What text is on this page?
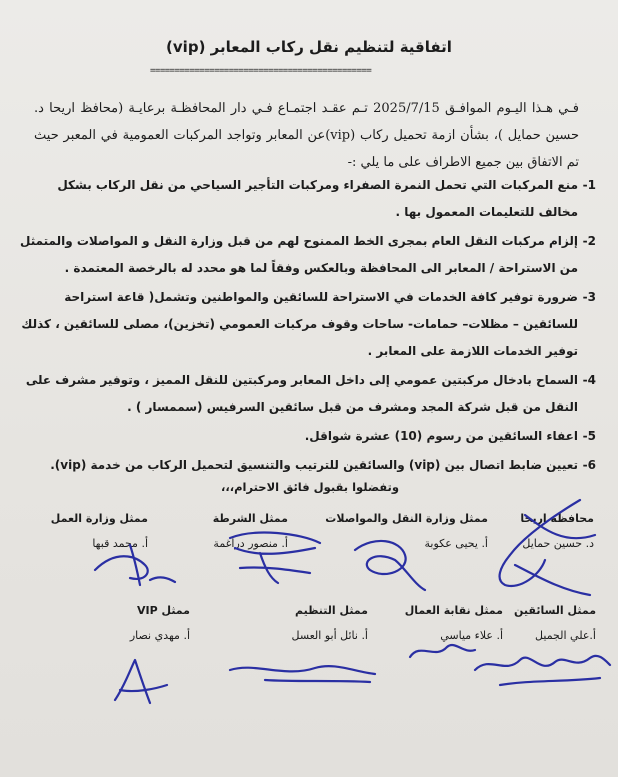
اتفاقية لتنظيم نقل ركاب المعابر (vip)
=============================================
فـي هـذا اليـوم الموافـق 2025/7/15 تـم عقـد اجتمـاع فـي دار المحافظـة برعايـة (محافظ اريحا د. حسين حمايل )، بشأن ازمة تحميل ركاب (vip)عن المعابر وتواجد المركبات العمومية في المعبر حيث تم الاتفاق بين جميع الاطراف على ما يلي :-
1-
منع المركبات التي تحمل النمرة الصفراء ومركبات التأجير السياحي من نقل الركاب بشكل مخالف للتعليمات المعمول بها .
2-
إلزام مركبات النقل العام بمجرى الخط الممنوح لهم من قبل وزارة النقل و المواصلات والمتمثل من الاستراحة / المعابر الى المحافظة وبالعكس وفقاً لما هو محدد له بالرخصة المعتمدة .
3-
ضرورة توفير كافة الخدمات في الاستراحة للسائقين والمواطنين وتشمل( قاعة استراحة للسائقين – مظلات– حمامات- ساحات وقوف مركبات العمومي (تخزين)، مصلى للسائقين ، كذلك توفير الخدمات اللازمة على المعابر .
4-
السماح بادخال مركبتين عمومي إلى داخل المعابر ومركبتين للنقل المميز ، وتوفير مشرف على النقل من قبل شركة المجد ومشرف من قبل سائقين السرفيس (سممسار ) .
5-
اعفاء السائقين من رسوم (10) عشرة شواقل.
6-
تعيين ضابط اتصال بين (vip) والسائقين للترتيب والتنسيق لتحميل الركاب من خدمة (vip).
وتفضلوا بقبول فائق الاحترام،،،
محافظة اريحا
د. حسين حمايل
ممثل وزارة النقل والمواصلات
أ. يحيى عكوبة
ممثل الشرطة
أ. منصور دراغمة
ممثل وزارة العمل
أ. محمد قبها
ممثل السائقين
أ.علي الجميل
ممثل نقابة العمال
أ. علاء مياسي
ممثل التنظيم
أ. نائل أبو العسل
ممثل VIP
أ. مهدي نصار
